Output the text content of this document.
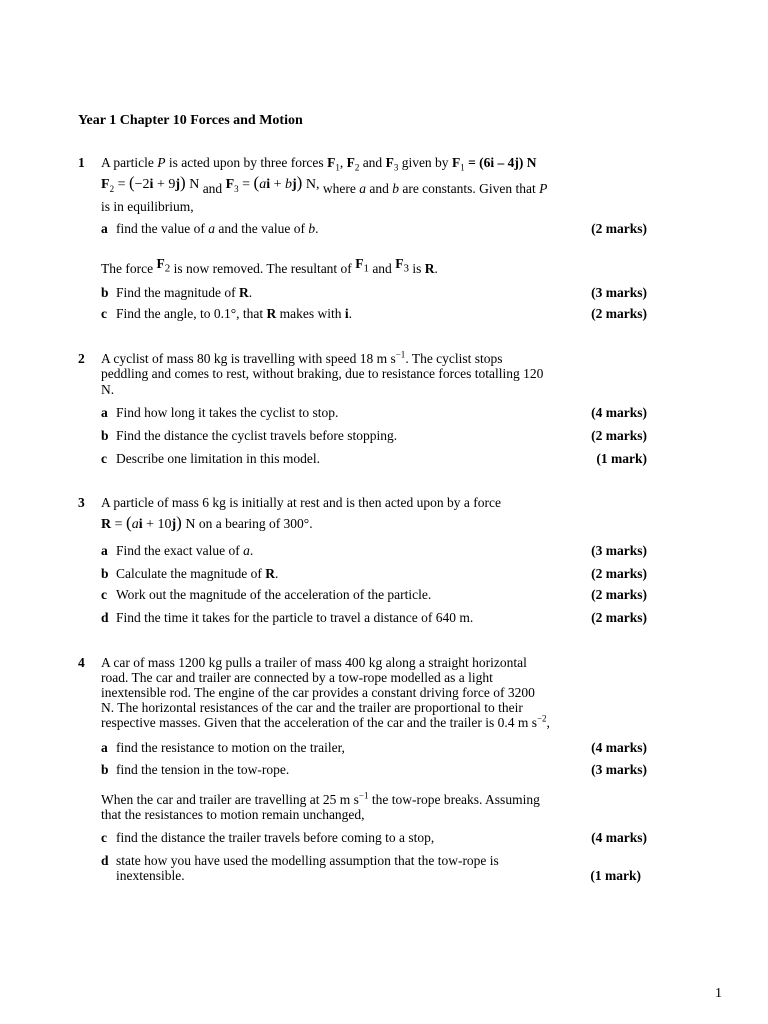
Year 1 Chapter 10 Forces and Motion
1 A particle P is acted upon by three forces $F_1$, $F_2$ and $F_3$ given by $F_1 = (6i - 4j)$ N
$F_2 = (-2i + 9j)$ N and $F_3 = (ai + bj)$ N, where a and b are constants. Given that P
is in equilibrium,
a find the value of a and the value of b.	(2 marks)
The force $F_2$ is now removed. The resultant of $F_1$ and $F_3$ is R.
b Find the magnitude of R.	(3 marks)
c Find the angle, to 0.1°, that R makes with i.	(2 marks)
2 A cyclist of mass 80 kg is travelling with speed 18 m $s^{-1}$. The cyclist stops
peddling and comes to rest, without braking, due to resistance forces totalling 120
N.
a Find how long it takes the cyclist to stop.	(4 marks)
b Find the distance the cyclist travels before stopping.	(2 marks)
c Describe one limitation in this model.	(1 mark)
3 A particle of mass 6 kg is initially at rest and is then acted upon by a force
R = (ai + 10j) N on a bearing of 300°.
a Find the exact value of a.	(3 marks)
b Calculate the magnitude of R.	(2 marks)
c Work out the magnitude of the acceleration of the particle.	(2 marks)
d Find the time it takes for the particle to travel a distance of 640 m.	(2 marks)
4 A car of mass 1200 kg pulls a trailer of mass 400 kg along a straight horizontal
road. The car and trailer are connected by a tow-rope modelled as a light
inextensible rod. The engine of the car provides a constant driving force of 3200
N. The horizontal resistances of the car and the trailer are proportional to their
respective masses. Given that the acceleration of the car and the trailer is 0.4 m $s^{-2}$,
a find the resistance to motion on the trailer,	(4 marks)
b find the tension in the tow-rope.	(3 marks)
When the car and trailer are travelling at 25 m $s^{-1}$ the tow-rope breaks. Assuming
that the resistances to motion remain unchanged,
c find the distance the trailer travels before coming to a stop,	(4 marks)
d state how you have used the modelling assumption that the tow-rope is
inextensible.	(1 mark)
1
